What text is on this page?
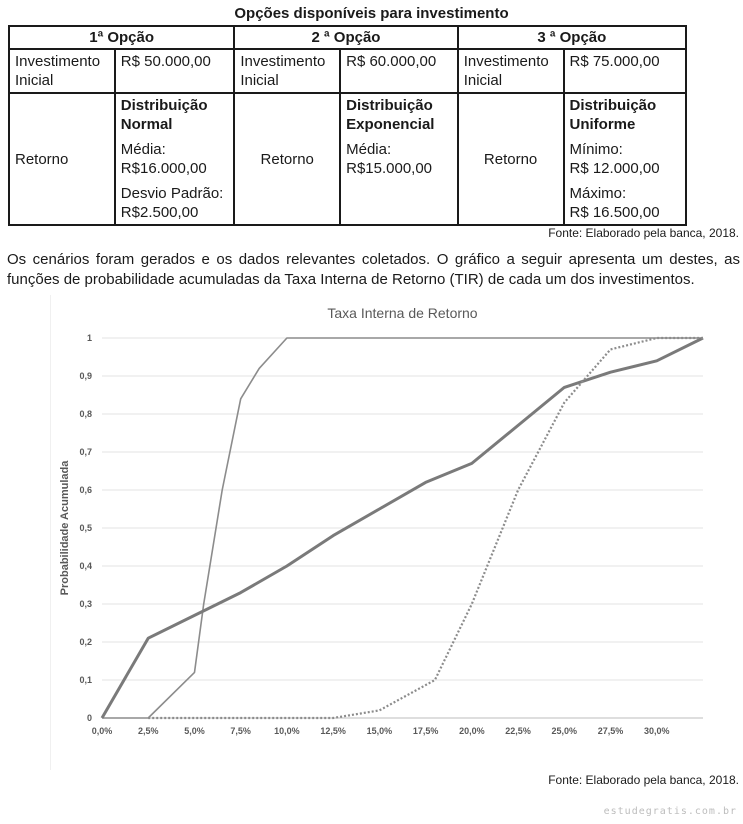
Opções disponíveis para investimento
1ª Opção		2 ª Opção		3 ª Opção	
Investimento Inicial	R$ 50.000,00	Investimento Inicial	R$ 60.000,00	Investimento Inicial	R$ 75.000,00
Retorno	Distribuição Normal
Média:
R$16.000,00
Desvio Padrão:
R$2.500,00	Retorno	Distribuição Exponencial
Média:
R$15.000,00	Retorno	Distribuição Uniforme
Mínimo:
R$ 12.000,00
Máximo:
R$ 16.500,00
Fonte: Elaborado pela banca, 2018.
Os cenários foram gerados e os dados relevantes coletados. O gráfico a seguir apresenta um destes, as funções de probabilidade acumuladas da Taxa Interna de Retorno (TIR) de cada um dos investimentos.
0
0,1
0,2
0,3
0,4
0,5
0,6
0,7
0,8
0,9
1
0,0%	2,5%	5,0%	7,5%	10,0% 12,5% 15,0% 17,5% 20,0% 22,5% 25,0% 27,5% 30,0%
Taxa Interna de Retorno
Probabilidade Acumulada
Fonte: Elaborado pela banca, 2018.
estudegratis.com.br
